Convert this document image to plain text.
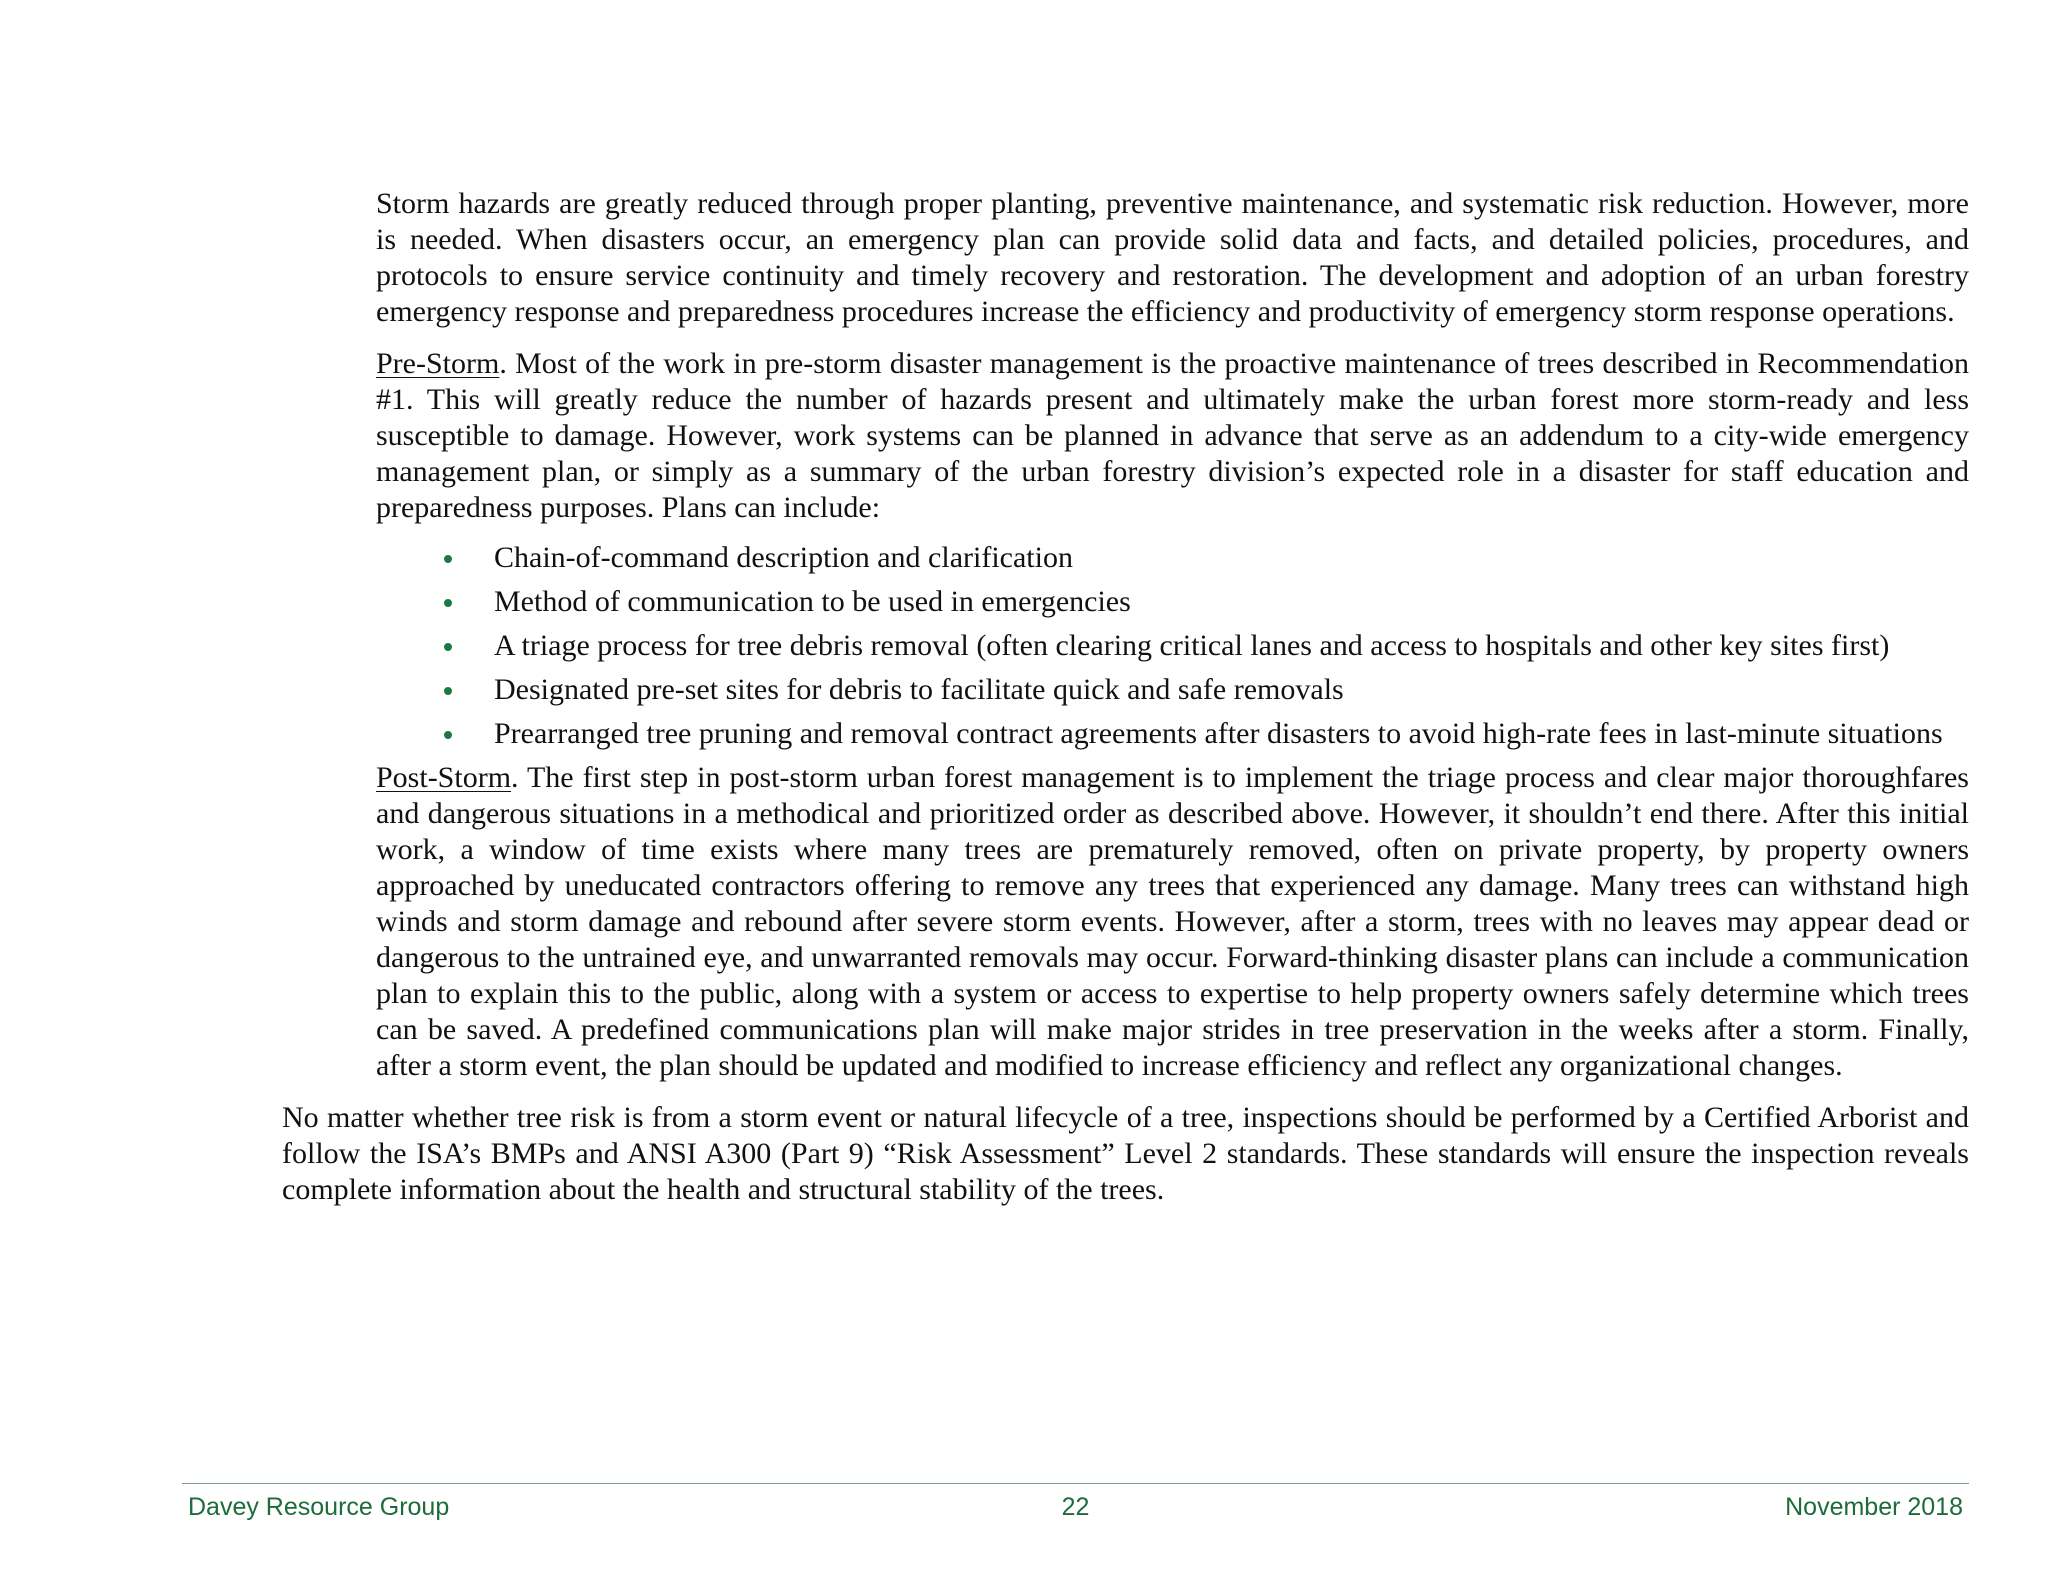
Storm hazards are greatly reduced through proper planting, preventive maintenance, and systematic risk reduction. However, more is needed. When disasters occur, an emergency plan can provide solid data and facts, and detailed policies, procedures, and protocols to ensure service continuity and timely recovery and restoration. The development and adoption of an urban forestry emergency response and preparedness procedures increase the efficiency and productivity of emergency storm response operations.

Pre-Storm. Most of the work in pre-storm disaster management is the proactive maintenance of trees described in Recommendation #1. This will greatly reduce the number of hazards present and ultimately make the urban forest more storm-ready and less susceptible to damage. However, work systems can be planned in advance that serve as an addendum to a city-wide emergency management plan, or simply as a summary of the urban forestry division’s expected role in a disaster for staff education and preparedness purposes. Plans can include:

Chain-of-command description and clarification
Method of communication to be used in emergencies
A triage process for tree debris removal (often clearing critical lanes and access to hospitals and other key sites first)
Designated pre-set sites for debris to facilitate quick and safe removals
Prearranged tree pruning and removal contract agreements after disasters to avoid high-rate fees in last-minute situations

Post-Storm. The first step in post-storm urban forest management is to implement the triage process and clear major thoroughfares and dangerous situations in a methodical and prioritized order as described above. However, it shouldn’t end there. After this initial work, a window of time exists where many trees are prematurely removed, often on private property, by property owners approached by uneducated contractors offering to remove any trees that experienced any damage. Many trees can withstand high winds and storm damage and rebound after severe storm events. However, after a storm, trees with no leaves may appear dead or dangerous to the untrained eye, and unwarranted removals may occur. Forward-thinking disaster plans can include a communication plan to explain this to the public, along with a system or access to expertise to help property owners safely determine which trees can be saved. A predefined communications plan will make major strides in tree preservation in the weeks after a storm. Finally, after a storm event, the plan should be updated and modified to increase efficiency and reflect any organizational changes.

No matter whether tree risk is from a storm event or natural lifecycle of a tree, inspections should be performed by a Certified Arborist and follow the ISA’s BMPs and ANSI A300 (Part 9) “Risk Assessment” Level 2 standards. These standards will ensure the inspection reveals complete information about the health and structural stability of the trees.

Davey Resource Group	22	November 2018
